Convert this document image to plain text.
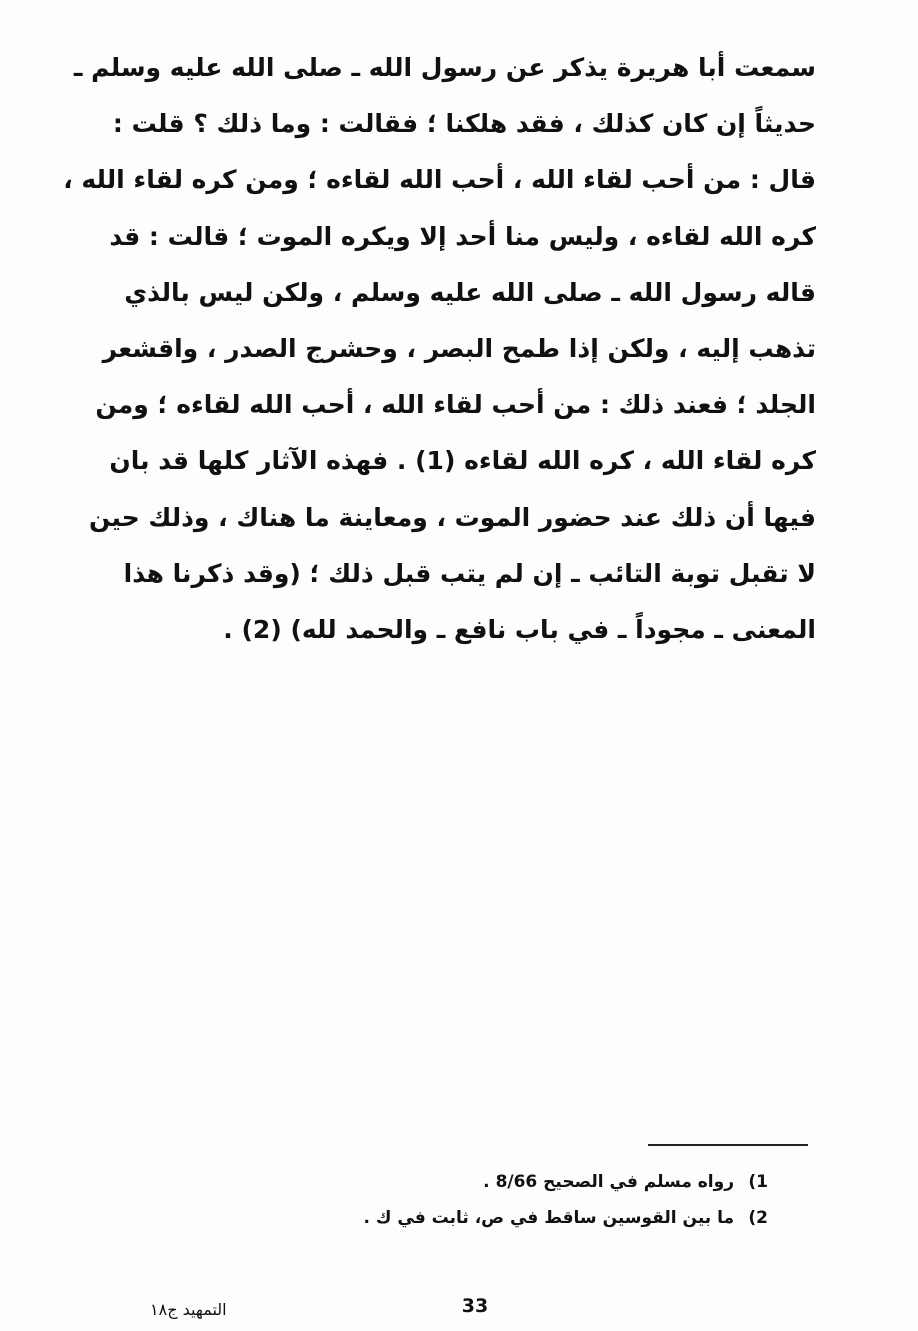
سمعت أبا هريرة يذكر عن رسول الله ـ صلى الله عليه وسلم ـ
حديثاً إن كان كذلك ، فقد هلكنا ؛ فقالت : وما ذلك ؟ قلت :
قال : من أحب لقاء الله ، أحب الله لقاءه ؛ ومن كره لقاء الله ،
كره الله لقاءه ، وليس منا أحد إلا ويكره الموت ؛ قالت : قد
قاله رسول الله ـ صلى الله عليه وسلم ، ولكن ليس بالذي
تذهب إليه ، ولكن إذا طمح البصر ، وحشرج الصدر ، واقشعر
الجلد ؛ فعند ذلك : من أحب لقاء الله ، أحب الله لقاءه ؛ ومن
كره لقاء الله ، كره الله لقاءه (1) . فهذه الآثار كلها قد بان
فيها أن ذلك عند حضور الموت ، ومعاينة ما هناك ، وذلك حين
لا تقبل توبة التائب ـ إن لم يتب قبل ذلك ؛ (وقد ذكرنا هذا
المعنى ـ مجوداً ـ في باب نافع ـ والحمد لله) (2) .
1)رواه مسلم في الصحيح 8/66 .
2)ما بين القوسين ساقط في ص، ثابت في ك .
33
التمهيد ج١٨
